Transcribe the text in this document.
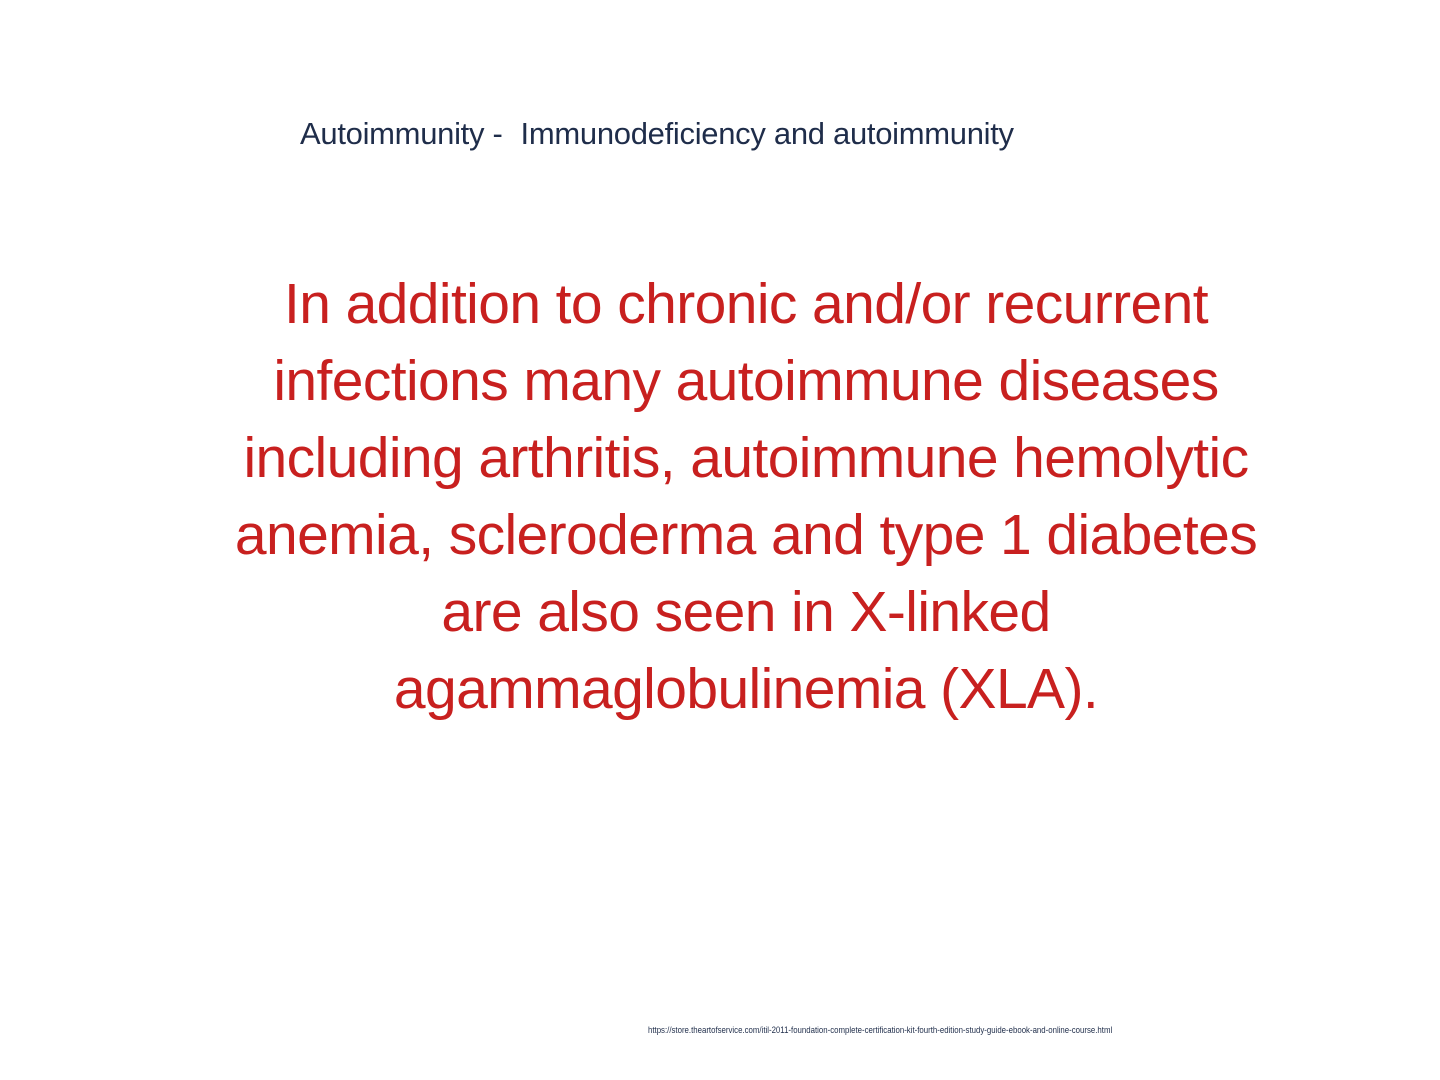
Autoimmunity - Immunodeficiency and autoimmunity
In addition to chronic and/or recurrent
infections many autoimmune diseases
including arthritis, autoimmune hemolytic
anemia, scleroderma and type 1 diabetes
are also seen in X-linked
agammaglobulinemia (XLA).
https://store.theartofservice.com/itil-2011-foundation-complete-certification-kit-fourth-edition-study-guide-ebook-and-online-course.html
